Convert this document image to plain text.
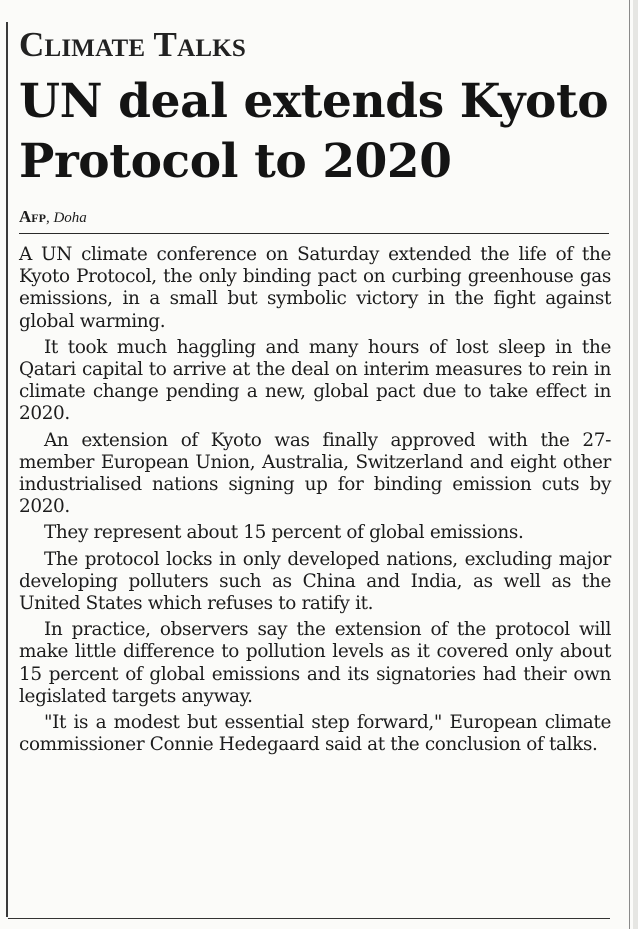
Climate Talks
UN deal extends Kyoto Protocol to 2020
Afp, Doha

A UN climate conference on Saturday extended the life of the Kyoto Protocol, the only binding pact on curbing greenhouse gas emissions, in a small but symbolic victory in the fight against global warming.

It took much haggling and many hours of lost sleep in the Qatari capital to arrive at the deal on interim measures to rein in climate change pending a new, global pact due to take effect in 2020.

An extension of Kyoto was finally approved with the 27-member European Union, Australia, Switzerland and eight other industrialised nations signing up for binding emission cuts by 2020.

They represent about 15 percent of global emissions.

The protocol locks in only developed nations, excluding major developing polluters such as China and India, as well as the United States which refuses to ratify it.

In practice, observers say the extension of the protocol will make little difference to pollution levels as it covered only about 15 percent of global emissions and its signatories had their own legislated targets anyway.

"It is a modest but essential step forward," European climate commissioner Connie Hedegaard said at the conclusion of talks.
